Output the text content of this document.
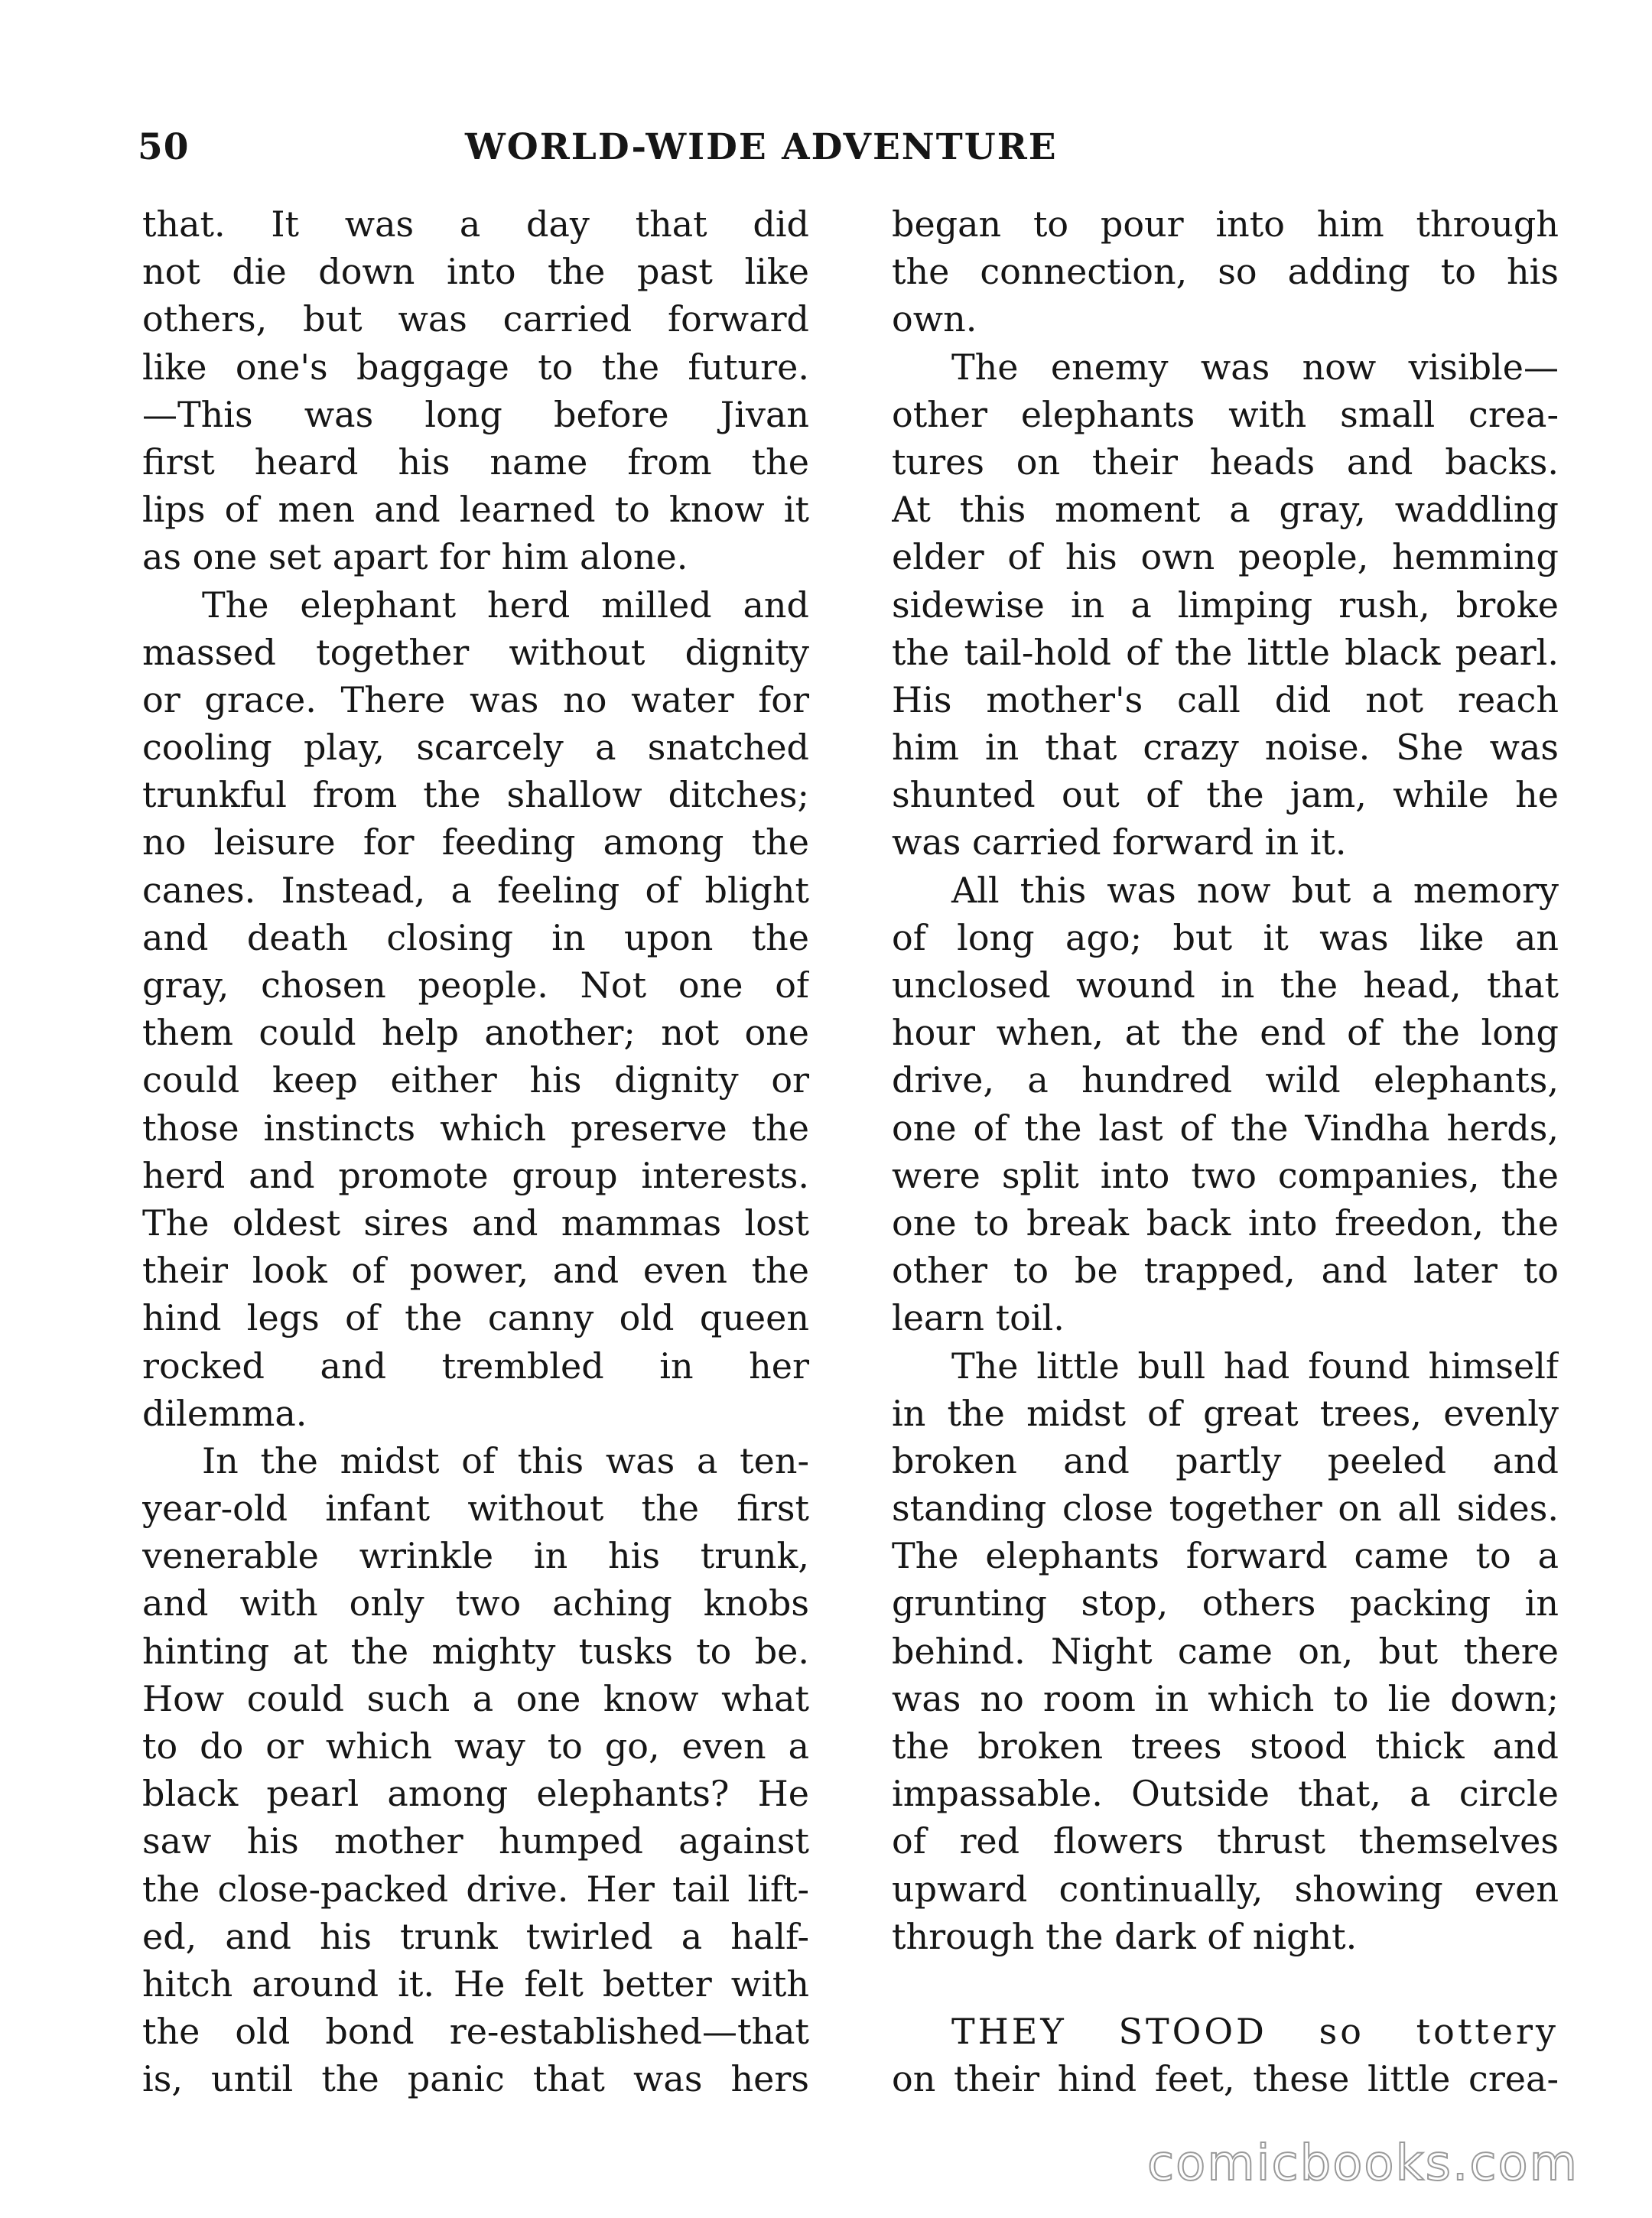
50	WORLD-WIDE ADVENTURE
that. It was a day that did
not die down into the past like
others, but was carried forward
like one's baggage to the future.
—This was long before Jivan
first heard his name from the
lips of men and learned to know it
as one set apart for him alone.
The elephant herd milled and
massed together without dignity
or grace. There was no water for
cooling play, scarcely a snatched
trunkful from the shallow ditches;
no leisure for feeding among the
canes. Instead, a feeling of blight
and death closing in upon the
gray, chosen people. Not one of
them could help another; not one
could keep either his dignity or
those instincts which preserve the
herd and promote group interests.
The oldest sires and mammas lost
their look of power, and even the
hind legs of the canny old queen
rocked and trembled in her
dilemma.
In the midst of this was a ten-
year-old infant without the first
venerable wrinkle in his trunk,
and with only two aching knobs
hinting at the mighty tusks to be.
How could such a one know what
to do or which way to go, even a
black pearl among elephants? He
saw his mother humped against
the close-packed drive. Her tail lift-
ed, and his trunk twirled a half-
hitch around it. He felt better with
the old bond re-established—that
is, until the panic that was hers
began to pour into him through
the connection, so adding to his
own.
The enemy was now visible—
other elephants with small crea-
tures on their heads and backs.
At this moment a gray, waddling
elder of his own people, hemming
sidewise in a limping rush, broke
the tail-hold of the little black pearl.
His mother's call did not reach
him in that crazy noise. She was
shunted out of the jam, while he
was carried forward in it.
All this was now but a memory
of long ago; but it was like an
unclosed wound in the head, that
hour when, at the end of the long
drive, a hundred wild elephants,
one of the last of the Vindha herds,
were split into two companies, the
one to break back into freedon, the
other to be trapped, and later to
learn toil.
The little bull had found himself
in the midst of great trees, evenly
broken and partly peeled and
standing close together on all sides.
The elephants forward came to a
grunting stop, others packing in
behind. Night came on, but there
was no room in which to lie down;
the broken trees stood thick and
impassable. Outside that, a circle
of red flowers thrust themselves
upward continually, showing even
through the dark of night.
THEY STOOD so tottery
on their hind feet, these little crea-
comicbooks.com
